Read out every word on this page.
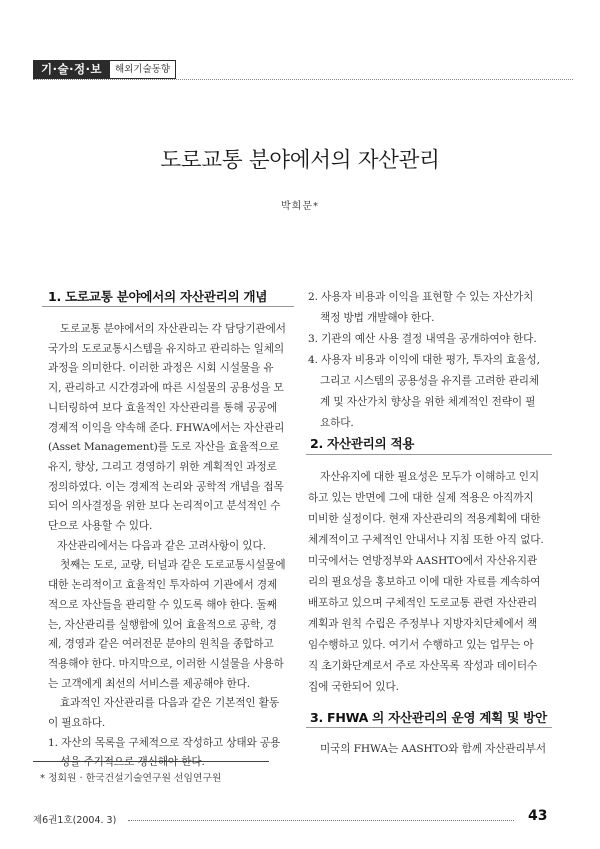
기·술·정·보	해외기술동향
도로교통 분야에서의 자산관리
박희문*
1. 도로교통 분야에서의 자산관리의 개념
도로교통 분야에서의 자산관리는 각 담당기관에서
국가의 도로교통시스템을 유지하고 관리하는 일체의
과정을 의미한다. 이러한 과정은 시회 시설물을 유
지, 관리하고 시간경과에 따른 시설물의 공용성을 모
니터링하여 보다 효율적인 자산관리를 통해 공공에
경제적 이익을 약속해 준다. FHWA에서는 자산관리
(Asset Management)를 도로 자산을 효율적으로
유지, 향상, 그리고 경영하기 위한 계획적인 과정로
정의하였다. 이는 경제적 논리와 공학적 개념을 접목
되어 의사결정을 위한 보다 논리적이고 분석적인 수
단으로 사용할 수 있다.
자산관리에서는 다음과 같은 고려사항이 있다.
첫째는 도로, 교량, 터널과 같은 도로교통시설물에
대한 논리적이고 효율적인 투자하여 기관에서 경제
적으로 자산들을 관리할 수 있도록 해야 한다. 둘째
는, 자산관리를 실행함에 있어 효율적으로 공학, 경
제, 경영과 같은 여러전문 분야의 원칙을 종합하고
적용해야 한다. 마지막으로, 이러한 시설물을 사용하
는 고객에게 최선의 서비스를 제공해야 한다.
효과적인 자산관리를 다음과 같은 기본적인 활동
이 필요하다.
2. 사용자 비용과 이익을 표현할 수 있는 자산가치
책정 방법 개발해야 한다.
3. 기관의 예산 사용 결정 내역을 공개하여야 한다.
4. 사용자 비용과 이익에 대한 평가, 투자의 효율성,
그리고 시스템의 공용성을 유지를 고려한 관리체
계 및 자산가치 향상을 위한 체계적인 전략이 필
요하다.
2. 자산관리의 적용
자산유지에 대한 필요성은 모두가 이해하고 인지
하고 있는 반면에 그에 대한 실제 적용은 아직까지
미비한 실정이다. 현재 자산관리의 적용계획에 대한
체계적이고 구체적인 안내서나 지침 또한 아직 없다.
미국에서는 연방정부와 AASHTO에서 자산유지관
리의 필요성을 홍보하고 이에 대한 자료를 계속하여
배포하고 있으며 구체적인 도로교통 관련 자산관리
계획과 원칙 수립은 주정부나 지방자치단체에서 책
임수행하고 있다. 여기서 수행하고 있는 업무는 아
직 초기화단계로서 주로 자산목록 작성과 데이터수
집에 국한되어 있다.
3. FHWA 의 자산관리의 운영 계획 및 방안
미국의 FHWA는 AASHTO와 함께 자산관리부서
* 정회원 · 한국건설기술연구원 선임연구원
제6권1호(2004. 3)	43
1. 자산의 목록을 구체적으로 작성하고 상태와 공용
성을 주기적으로 갱신해야 한다.
